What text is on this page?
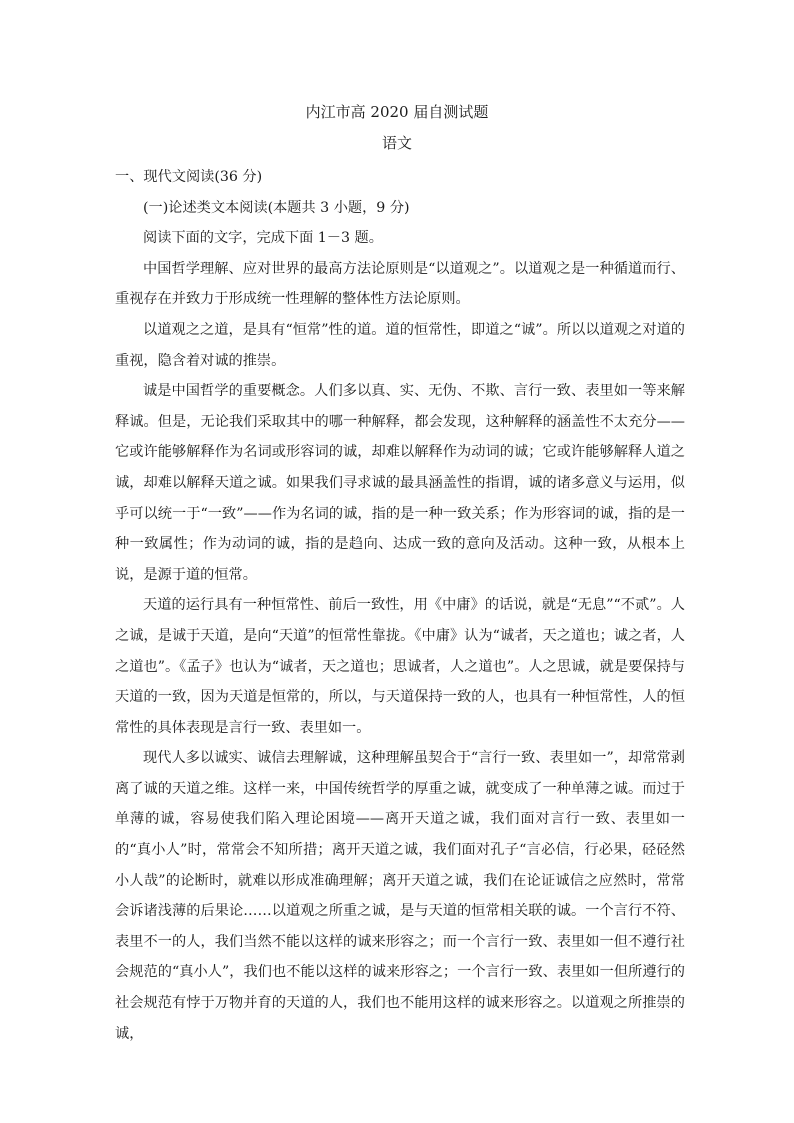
内江市高 2020 届自测试题
语文

一、现代文阅读(36 分)

(一)论述类文本阅读(本题共 3 小题，9 分)

阅读下面的文字，完成下面 1－3 题。

中国哲学理解、应对世界的最高方法论原则是“以道观之”。以道观之是一种循道而行、重视存在并致力于形成统一性理解的整体性方法论原则。

以道观之之道，是具有“恒常”性的道。道的恒常性，即道之“诚”。所以以道观之对道的重视，隐含着对诚的推崇。

诚是中国哲学的重要概念。人们多以真、实、无伪、不欺、言行一致、表里如一等来解释诚。但是，无论我们采取其中的哪一种解释，都会发现，这种解释的涵盖性不太充分——它或许能够解释作为名词或形容词的诚，却难以解释作为动词的诚；它或许能够解释人道之诚，却难以解释天道之诚。如果我们寻求诚的最具涵盖性的指谓，诚的诸多意义与运用，似乎可以统一于“一致”——作为名词的诚，指的是一种一致关系；作为形容词的诚，指的是一种一致属性；作为动词的诚，指的是趋向、达成一致的意向及活动。这种一致，从根本上说，是源于道的恒常。

天道的运行具有一种恒常性、前后一致性，用《中庸》的话说，就是“无息”“不贰”。人之诚，是诚于天道，是向“天道”的恒常性靠拢。《中庸》认为“诚者，天之道也；诚之者，人之道也”。《孟子》也认为“诚者，天之道也；思诚者，人之道也”。人之思诚，就是要保持与天道的一致，因为天道是恒常的，所以，与天道保持一致的人，也具有一种恒常性，人的恒常性的具体表现是言行一致、表里如一。

现代人多以诚实、诚信去理解诚，这种理解虽契合于“言行一致、表里如一”，却常常剥离了诚的天道之维。这样一来，中国传统哲学的厚重之诚，就变成了一种单薄之诚。而过于单薄的诚，容易使我们陷入理论困境——离开天道之诚，我们面对言行一致、表里如一的“真小人”时，常常会不知所措；离开天道之诚，我们面对孔子“言必信，行必果，硁硁然小人哉”的论断时，就难以形成准确理解；离开天道之诚，我们在论证诚信之应然时，常常会诉诸浅薄的后果论……以道观之所重之诚，是与天道的恒常相关联的诚。一个言行不符、表里不一的人，我们当然不能以这样的诚来形容之；而一个言行一致、表里如一但不遵行社会规范的“真小人”，我们也不能以这样的诚来形容之；一个言行一致、表里如一但所遵行的社会规范有悖于万物并育的天道的人，我们也不能用这样的诚来形容之。以道观之所推崇的诚，
